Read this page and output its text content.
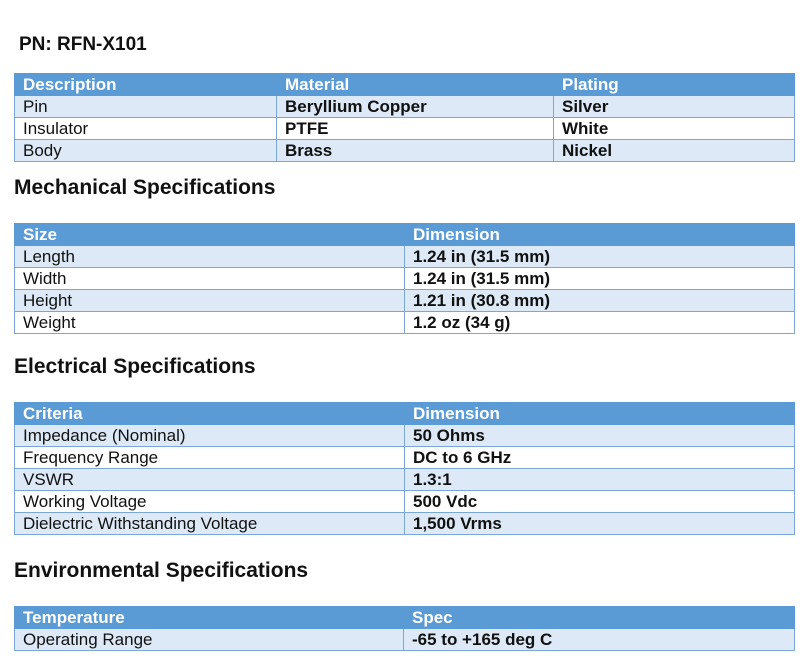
PN: RFN-X101
Description	Material	Plating
Pin	Beryllium Copper	Silver
Insulator	PTFE	White
Body	Brass	Nickel
Mechanical Specifications
Size	Dimension
Length	1.24 in (31.5 mm)
Width	1.24 in (31.5 mm)
Height	1.21 in (30.8 mm)
Weight	1.2 oz (34 g)
Electrical Specifications
Criteria	Dimension
Impedance (Nominal)	50 Ohms
Frequency Range	DC to 6 GHz
VSWR	1.3:1
Working Voltage	500 Vdc
Dielectric Withstanding Voltage	1,500 Vrms
Environmental Specifications
Temperature	Spec
Operating Range	-65 to +165 deg C
